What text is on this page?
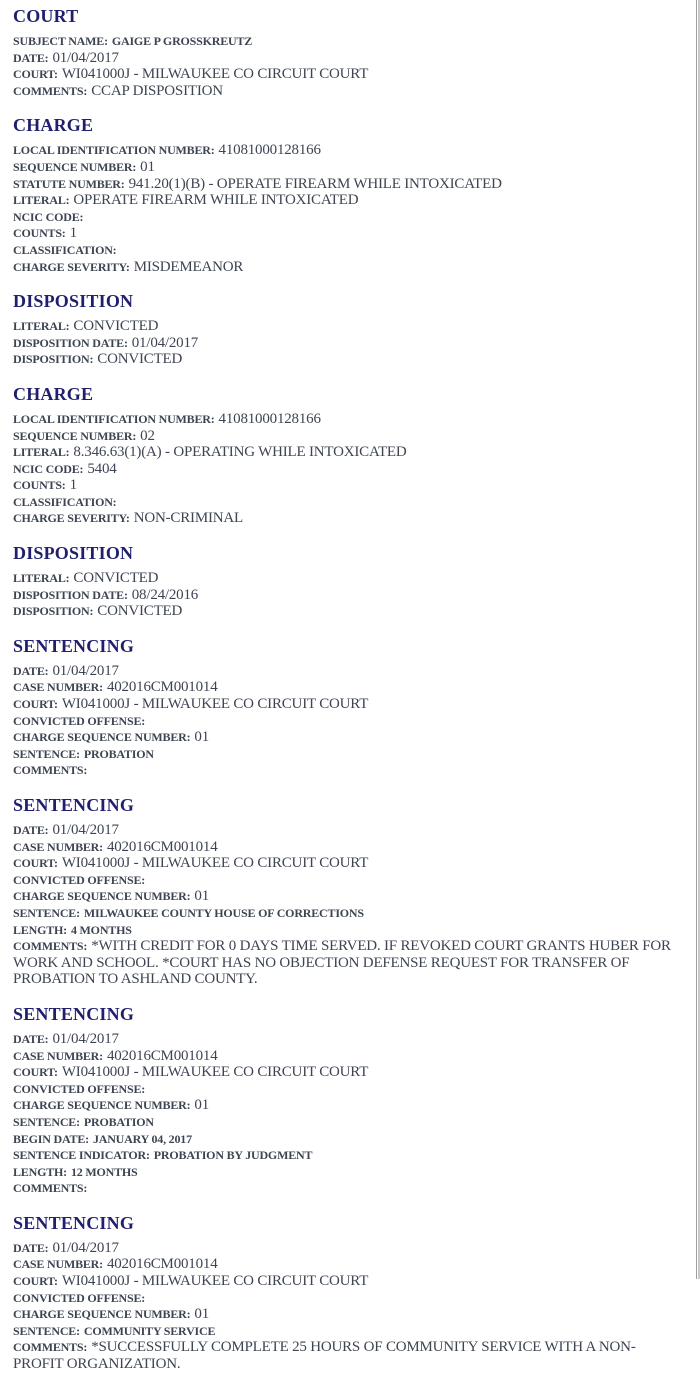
COURT
SUBJECT NAME: GAIGE P GROSSKREUTZ
DATE: 01/04/2017
COURT: WI041000J - MILWAUKEE CO CIRCUIT COURT
COMMENTS: CCAP DISPOSITION
CHARGE
LOCAL IDENTIFICATION NUMBER: 41081000128166
SEQUENCE NUMBER: 01
STATUTE NUMBER: 941.20(1)(B) - OPERATE FIREARM WHILE INTOXICATED
LITERAL: OPERATE FIREARM WHILE INTOXICATED
NCIC CODE:
COUNTS: 1
CLASSIFICATION:
CHARGE SEVERITY: MISDEMEANOR
DISPOSITION
LITERAL: CONVICTED
DISPOSITION DATE: 01/04/2017
DISPOSITION: CONVICTED
CHARGE
LOCAL IDENTIFICATION NUMBER: 41081000128166
SEQUENCE NUMBER: 02
LITERAL: 8.346.63(1)(A) - OPERATING WHILE INTOXICATED
NCIC CODE: 5404
COUNTS: 1
CLASSIFICATION:
CHARGE SEVERITY: NON-CRIMINAL
DISPOSITION
LITERAL: CONVICTED
DISPOSITION DATE: 08/24/2016
DISPOSITION: CONVICTED
SENTENCING
DATE: 01/04/2017
CASE NUMBER: 402016CM001014
COURT: WI041000J - MILWAUKEE CO CIRCUIT COURT
CONVICTED OFFENSE:
CHARGE SEQUENCE NUMBER: 01
SENTENCE: PROBATION
COMMENTS:
SENTENCING
DATE: 01/04/2017
CASE NUMBER: 402016CM001014
COURT: WI041000J - MILWAUKEE CO CIRCUIT COURT
CONVICTED OFFENSE:
CHARGE SEQUENCE NUMBER: 01
SENTENCE: MILWAUKEE COUNTY HOUSE OF CORRECTIONS
LENGTH: 4 MONTHS
COMMENTS: *WITH CREDIT FOR 0 DAYS TIME SERVED. IF REVOKED COURT GRANTS HUBER FOR WORK AND SCHOOL. *COURT HAS NO OBJECTION DEFENSE REQUEST FOR TRANSFER OF PROBATION TO ASHLAND COUNTY.
SENTENCING
DATE: 01/04/2017
CASE NUMBER: 402016CM001014
COURT: WI041000J - MILWAUKEE CO CIRCUIT COURT
CONVICTED OFFENSE:
CHARGE SEQUENCE NUMBER: 01
SENTENCE: PROBATION
BEGIN DATE: JANUARY 04, 2017
SENTENCE INDICATOR: PROBATION BY JUDGMENT
LENGTH: 12 MONTHS
COMMENTS:
SENTENCING
DATE: 01/04/2017
CASE NUMBER: 402016CM001014
COURT: WI041000J - MILWAUKEE CO CIRCUIT COURT
CONVICTED OFFENSE:
CHARGE SEQUENCE NUMBER: 01
SENTENCE: COMMUNITY SERVICE
COMMENTS: *SUCCESSFULLY COMPLETE 25 HOURS OF COMMUNITY SERVICE WITH A NON-PROFIT ORGANIZATION.
